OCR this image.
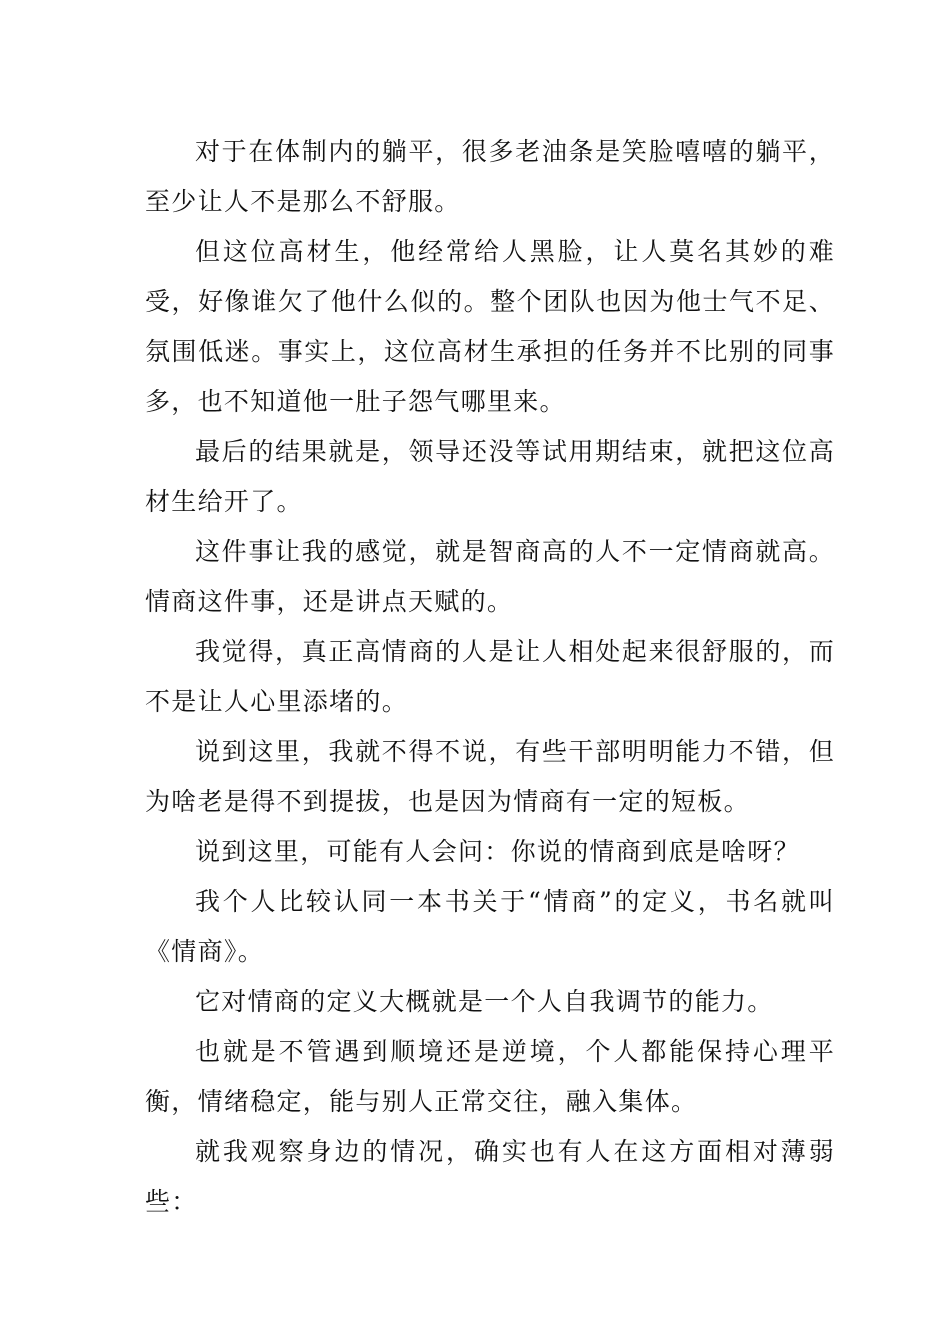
对于在体制内的躺平，很多老油条是笑脸嘻嘻的躺平，至少让人不是那么不舒服。

但这位高材生，他经常给人黑脸，让人莫名其妙的难受，好像谁欠了他什么似的。整个团队也因为他士气不足、氛围低迷。事实上，这位高材生承担的任务并不比别的同事多，也不知道他一肚子怨气哪里来。

最后的结果就是，领导还没等试用期结束，就把这位高材生给开了。

这件事让我的感觉，就是智商高的人不一定情商就高。情商这件事，还是讲点天赋的。

我觉得，真正高情商的人是让人相处起来很舒服的，而不是让人心里添堵的。

说到这里，我就不得不说，有些干部明明能力不错，但为啥老是得不到提拔，也是因为情商有一定的短板。

说到这里，可能有人会问：你说的情商到底是啥呀？

我个人比较认同一本书关于“情商”的定义，书名就叫《情商》。

它对情商的定义大概就是一个人自我调节的能力。

也就是不管遇到顺境还是逆境，个人都能保持心理平衡，情绪稳定，能与别人正常交往，融入集体。

就我观察身边的情况，确实也有人在这方面相对薄弱些：
